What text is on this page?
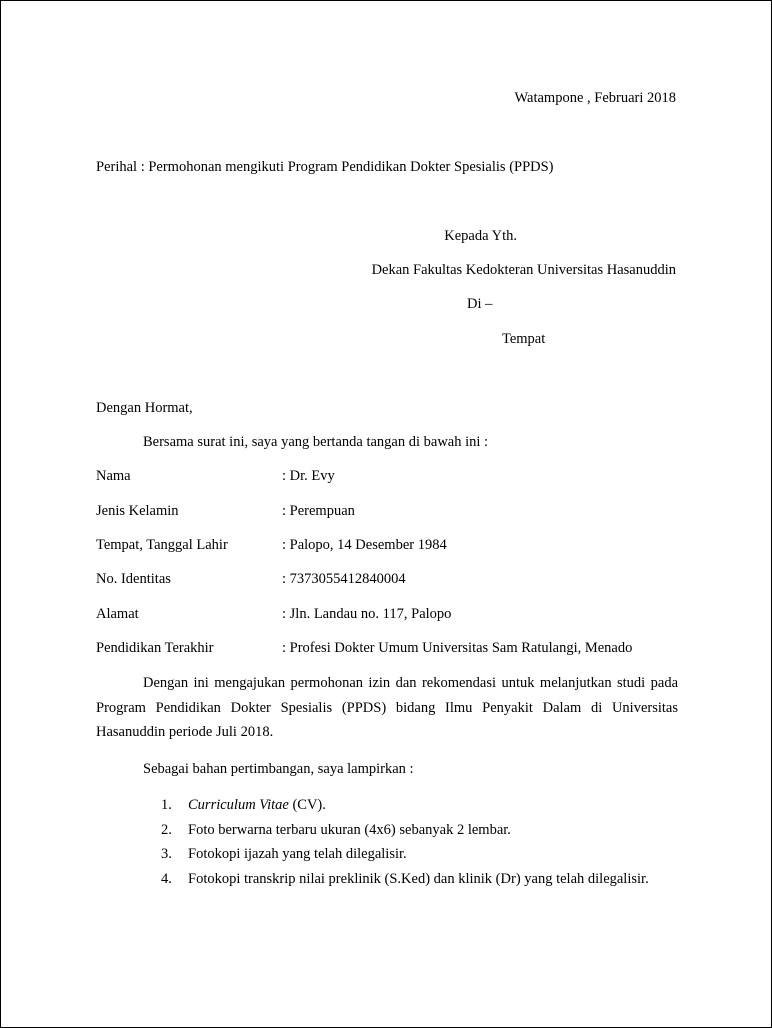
Watampone , Februari 2018
Perihal : Permohonan mengikuti Program Pendidikan Dokter Spesialis (PPDS)
Kepada Yth.
Dekan Fakultas Kedokteran Universitas Hasanuddin
Di –
Tempat
Dengan Hormat,
Bersama surat ini, saya yang bertanda tangan di bawah ini :
Nama	: Dr. Evy
Jenis Kelamin	: Perempuan
Tempat, Tanggal Lahir	: Palopo, 14 Desember 1984
No. Identitas	: 7373055412840004
Alamat	: Jln. Landau no. 117, Palopo
Pendidikan Terakhir	: Profesi Dokter Umum Universitas Sam Ratulangi, Menado
Dengan ini mengajukan permohonan izin dan rekomendasi untuk melanjutkan studi pada Program Pendidikan Dokter Spesialis (PPDS) bidang Ilmu Penyakit Dalam di Universitas Hasanuddin periode Juli 2018.
Sebagai bahan pertimbangan, saya lampirkan :
1. Curriculum Vitae (CV).
2. Foto berwarna terbaru ukuran (4x6) sebanyak 2 lembar.
3. Fotokopi ijazah yang telah dilegalisir.
4. Fotokopi transkrip nilai preklinik (S.Ked) dan klinik (Dr) yang telah dilegalisir.
